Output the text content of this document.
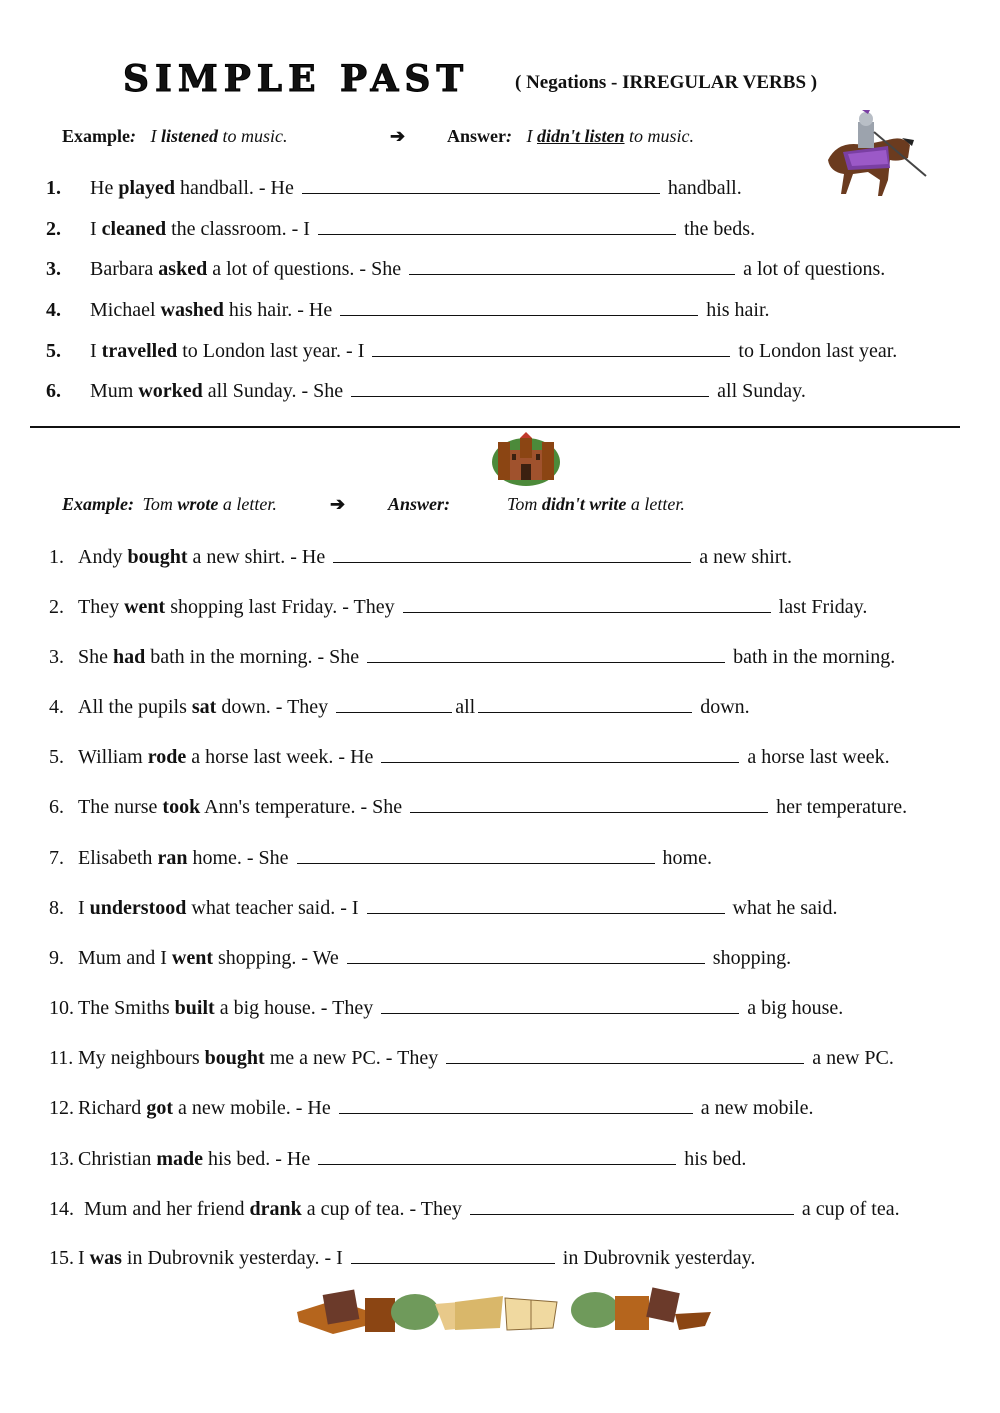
SIMPLE PAST ( Negations - IRREGULAR VERBS )
Example: I listened to music.	➔ Answer: I didn't listen to music.
1. He played handball. - He	handball.
2. I cleaned the classroom. - I	the beds.
3. Barbara asked a lot of questions. - She	a lot of questions.
4. Michael washed his hair. - He	his hair.
5. I travelled to London last year. - I	to London last year.
6. Mum worked all Sunday. - She	all Sunday.
Example: Tom wrote a letter.	➔ Answer:	Tom didn't write a letter.
1. Andy bought a new shirt. - He	a new shirt.
2. They went shopping last Friday. - They	last Friday.
3. She had bath in the morning. - She	bath in the morning.
4. All the pupils sat down. - They	all	down.
5. William rode a horse last week. - He	a horse last week.
6. The nurse took Ann's temperature. - She	her temperature.
7. Elisabeth ran home. - She	home.
8. I understood what teacher said. - I	what he said.
9. Mum and I went shopping. - We	shopping.
10. The Smiths built a big house. - They	a big house.
11. My neighbours bought me a new PC. - They	a new PC.
12. Richard got a new mobile. - He	a new mobile.
13. Christian made his bed. - He	his bed.
14. Mum and her friend drank a cup of tea. - They	a cup of tea.
15. I was in Dubrovnik yesterday. - I	in Dubrovnik yesterday.
